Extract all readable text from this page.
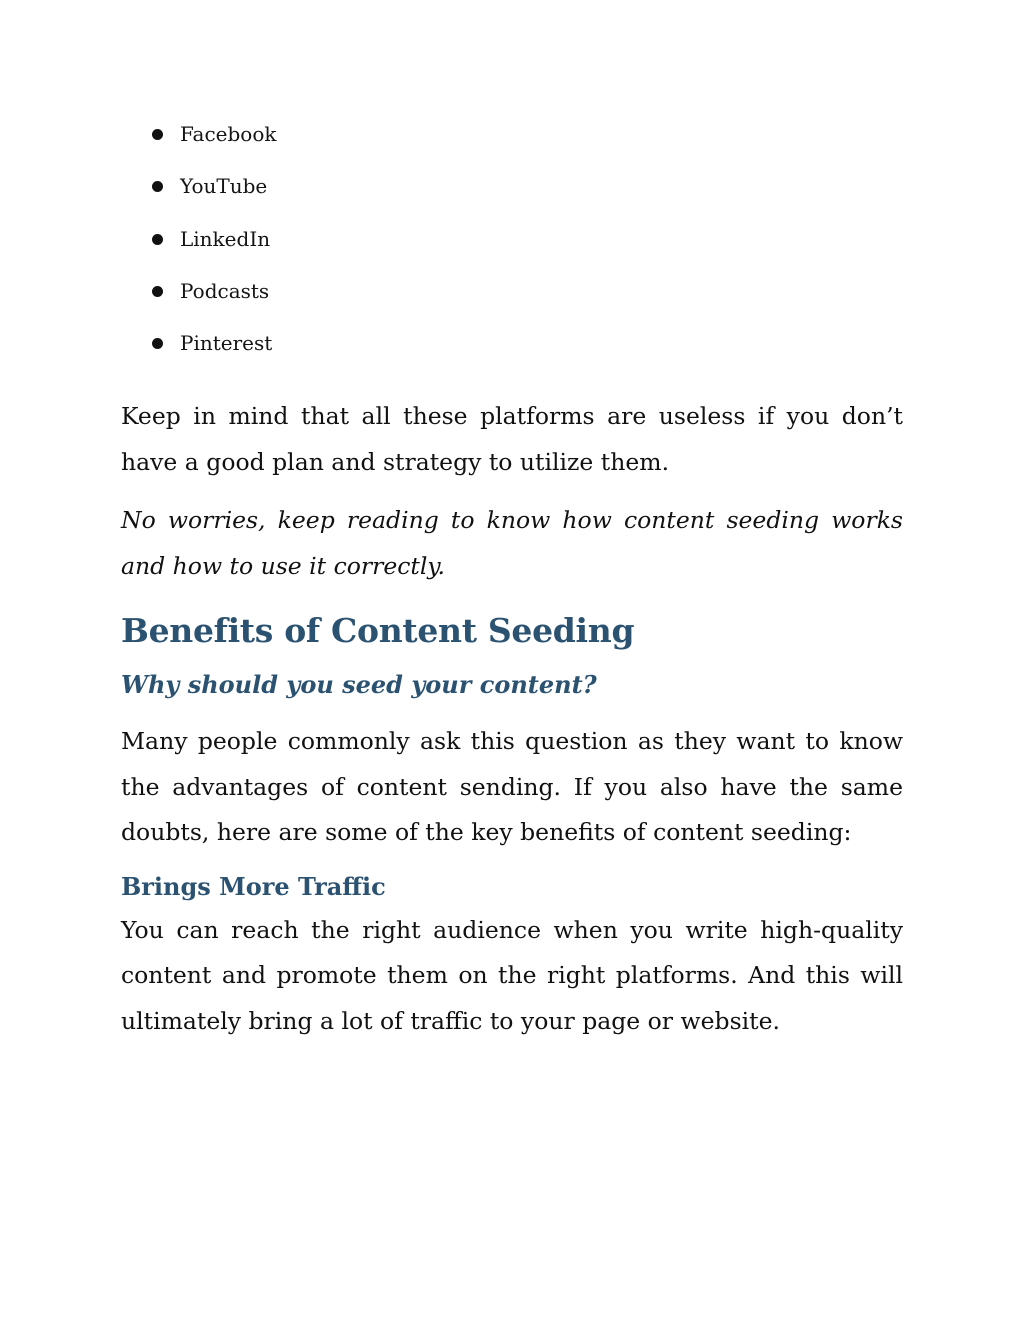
Facebook
YouTube
LinkedIn
Podcasts
Pinterest

Keep in mind that all these platforms are useless if you don’t have a good plan and strategy to utilize them.

No worries, keep reading to know how content seeding works and how to use it correctly.

Benefits of Content Seeding
Why should you seed your content?

Many people commonly ask this question as they want to know the advantages of content sending. If you also have the same doubts, here are some of the key benefits of content seeding:

Brings More Traffic

You can reach the right audience when you write high-quality content and promote them on the right platforms. And this will ultimately bring a lot of traffic to your page or website.
